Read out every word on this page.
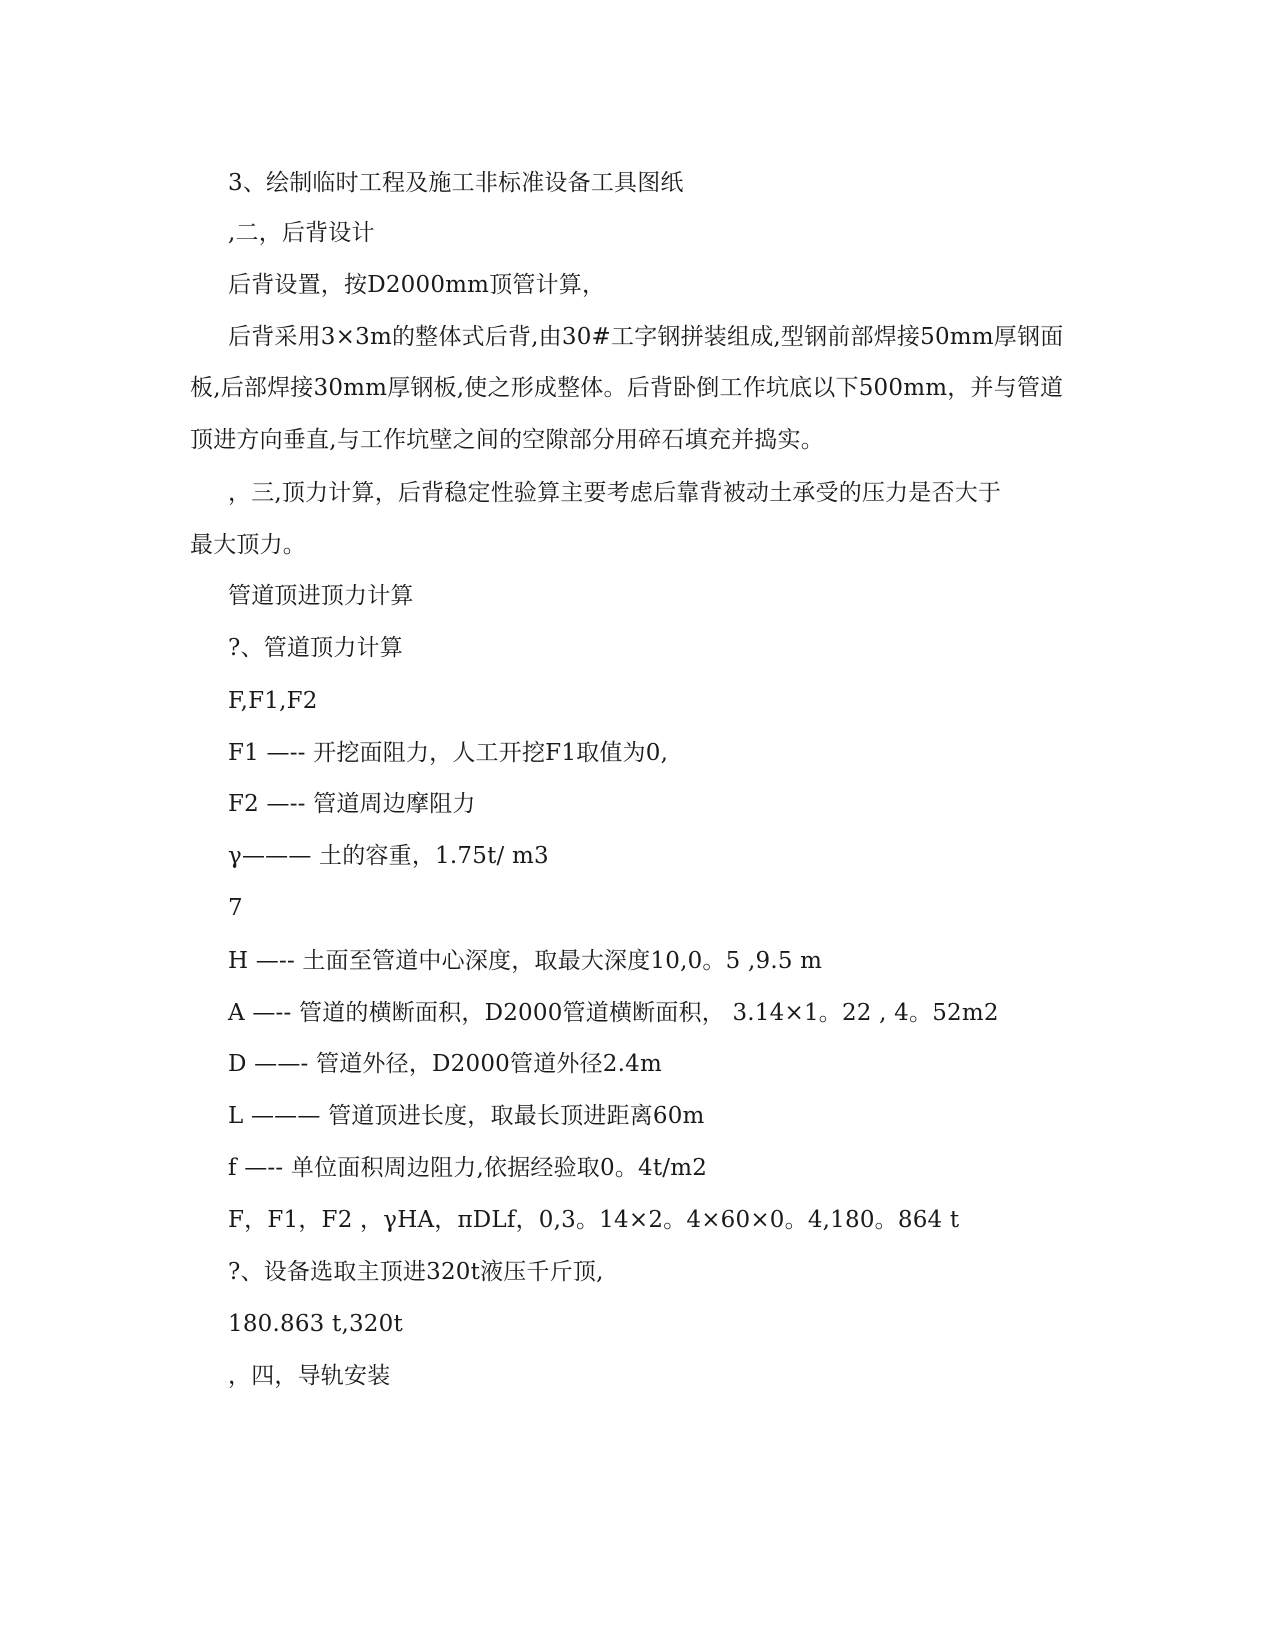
3、绘制临时工程及施工非标准设备工具图纸
,二，后背设计
后背设置，按D2000mm顶管计算，
后背采用3×3m的整体式后背,由30#工字钢拼装组成,型钢前部焊接50mm厚钢面
板,后部焊接30mm厚钢板,使之形成整体。后背卧倒工作坑底以下500mm，并与管道
顶进方向垂直,与工作坑壁之间的空隙部分用碎石填充并捣实。
，三,顶力计算，后背稳定性验算主要考虑后靠背被动土承受的压力是否大于
最大顶力。
管道顶进顶力计算
?、管道顶力计算
F,F1,F2
F1 —-- 开挖面阻力，人工开挖F1取值为0,
F2 —-- 管道周边摩阻力
γ——— 土的容重，1.75t/ m3
7
H —-- 土面至管道中心深度，取最大深度10,0。5 ,9.5 m
A —-- 管道的横断面积，D2000管道横断面积， 3.14×1。22 , 4。52m2
D ——- 管道外径，D2000管道外径2.4m
L ——— 管道顶进长度，取最长顶进距离60m
f —-- 单位面积周边阻力,依据经验取0。4t/m2
F，F1，F2 ，γHA，πDLf，0,3。14×2。4×60×0。4,180。864 t
?、设备选取主顶进320t液压千斤顶,
180.863 t,320t
，四，导轨安装
